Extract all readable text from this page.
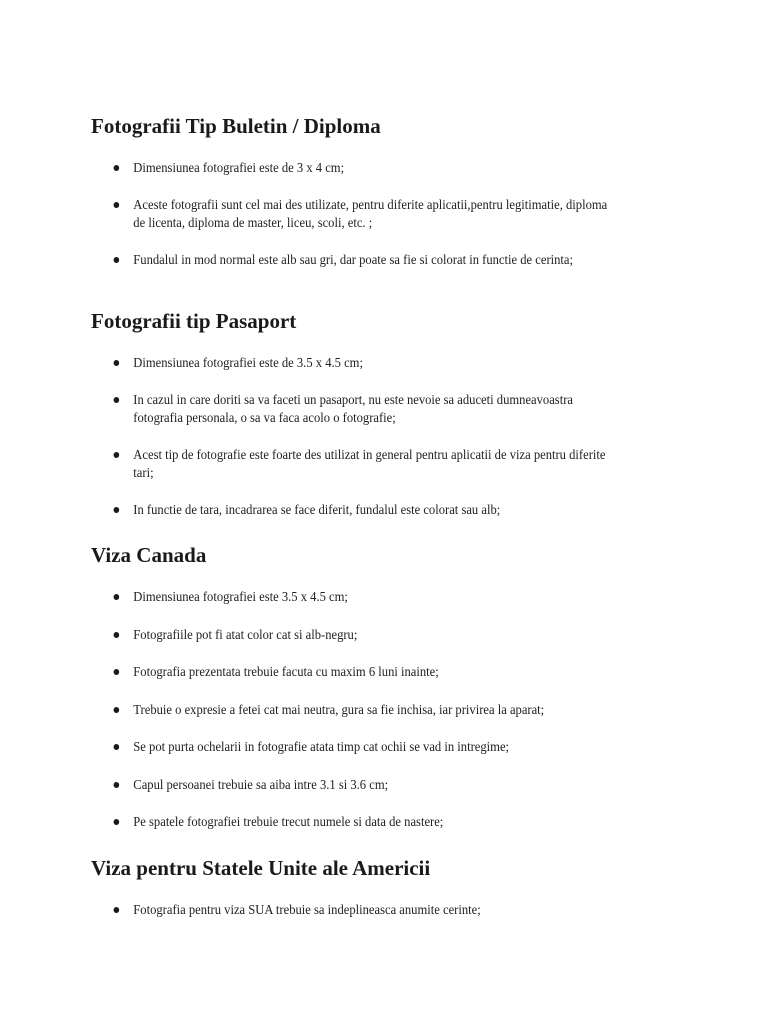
Fotografii Tip Buletin / Diploma
Dimensiunea fotografiei este de 3 x 4 cm;
Aceste fotografii sunt cel mai des utilizate, pentru diferite aplicatii,pentru legitimatie, diploma de licenta, diploma de master, liceu, scoli, etc. ;
Fundalul in mod normal este alb sau gri, dar poate sa fie si colorat in functie de cerinta;
Fotografii tip Pasaport
Dimensiunea fotografiei este de 3.5 x 4.5 cm;
In cazul in care doriti sa va faceti un pasaport, nu este nevoie sa aduceti dumneavoastra fotografia personala, o sa va faca acolo o fotografie;
Acest tip de fotografie este foarte des utilizat in general pentru aplicatii de viza pentru diferite tari;
In functie de tara, incadrarea se face diferit, fundalul este colorat sau alb;
Viza Canada
Dimensiunea fotografiei este 3.5 x 4.5 cm;
Fotografiile pot fi atat color cat si alb-negru;
Fotografia prezentata trebuie facuta cu maxim 6 luni inainte;
Trebuie o expresie a fetei cat mai neutra, gura sa fie inchisa, iar privirea la aparat;
Se pot purta ochelarii in fotografie atata timp cat ochii se vad in intregime;
Capul persoanei trebuie sa aiba intre 3.1 si 3.6 cm;
Pe spatele fotografiei trebuie trecut numele si data de nastere;
Viza pentru Statele Unite ale Americii
Fotografia pentru viza SUA trebuie sa indeplineasca anumite cerinte;
